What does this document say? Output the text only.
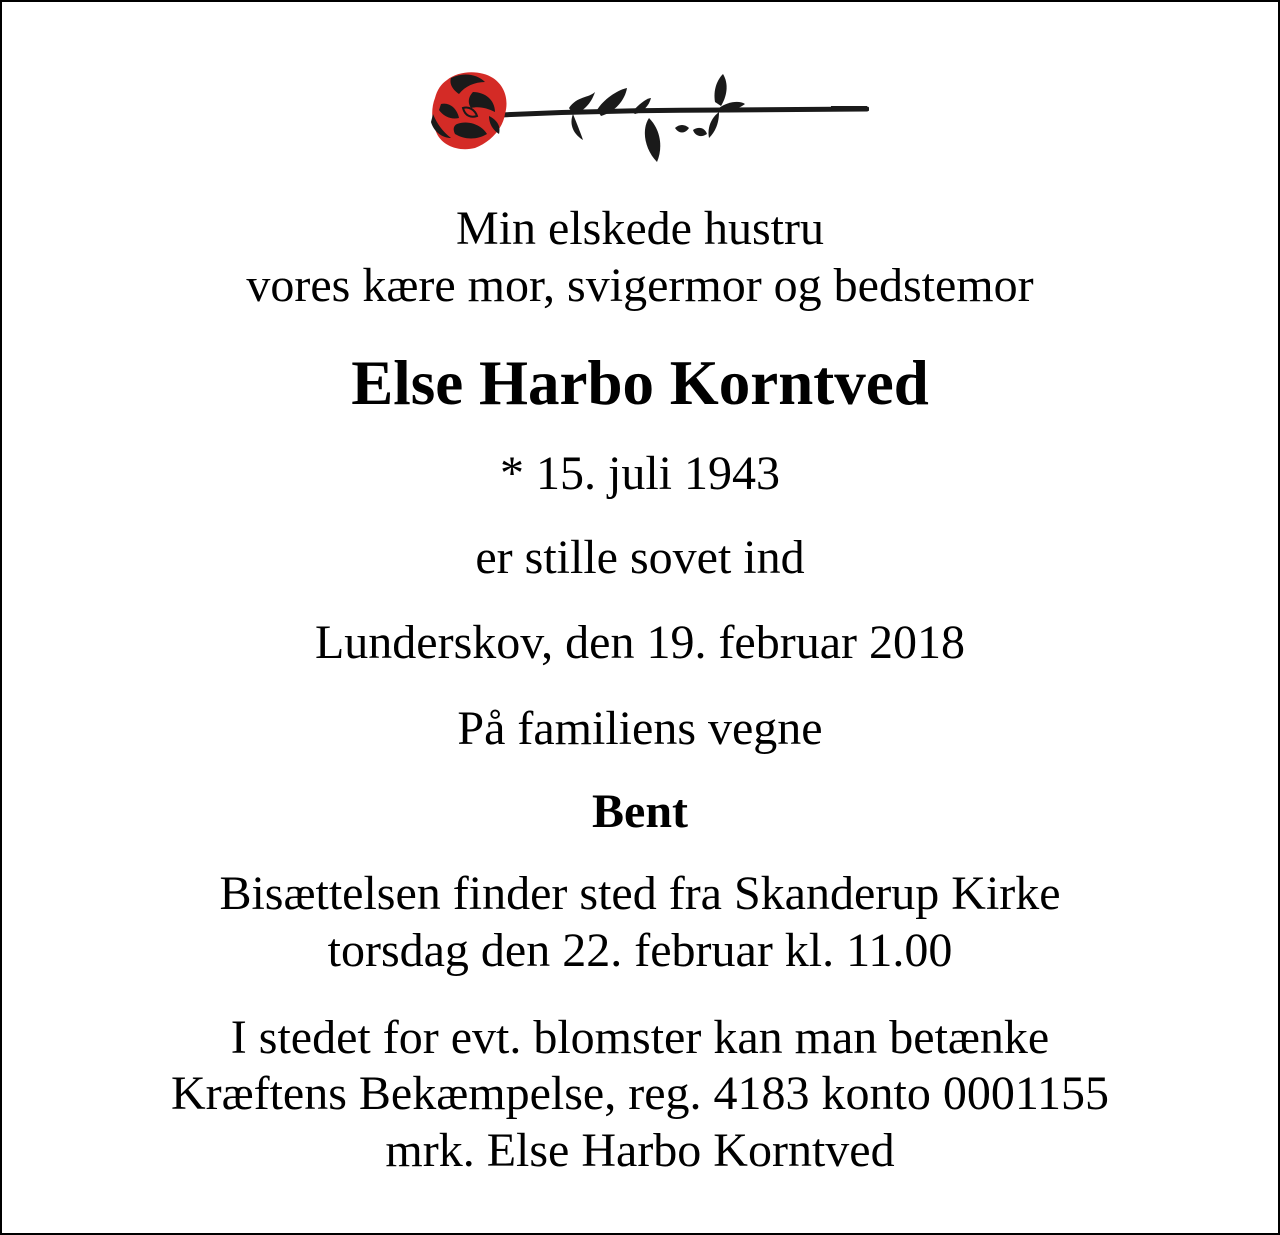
Min elskede hustru
vores kære mor, svigermor og bedstemor
Else Harbo Korntved
* 15. juli 1943
er stille sovet ind
Lunderskov, den 19. februar 2018
På familiens vegne
Bent
Bisættelsen finder sted fra Skanderup Kirke
torsdag den 22. februar kl. 11.00
I stedet for evt. blomster kan man betænke
Kræftens Bekæmpelse, reg. 4183 konto 0001155
mrk. Else Harbo Korntved
